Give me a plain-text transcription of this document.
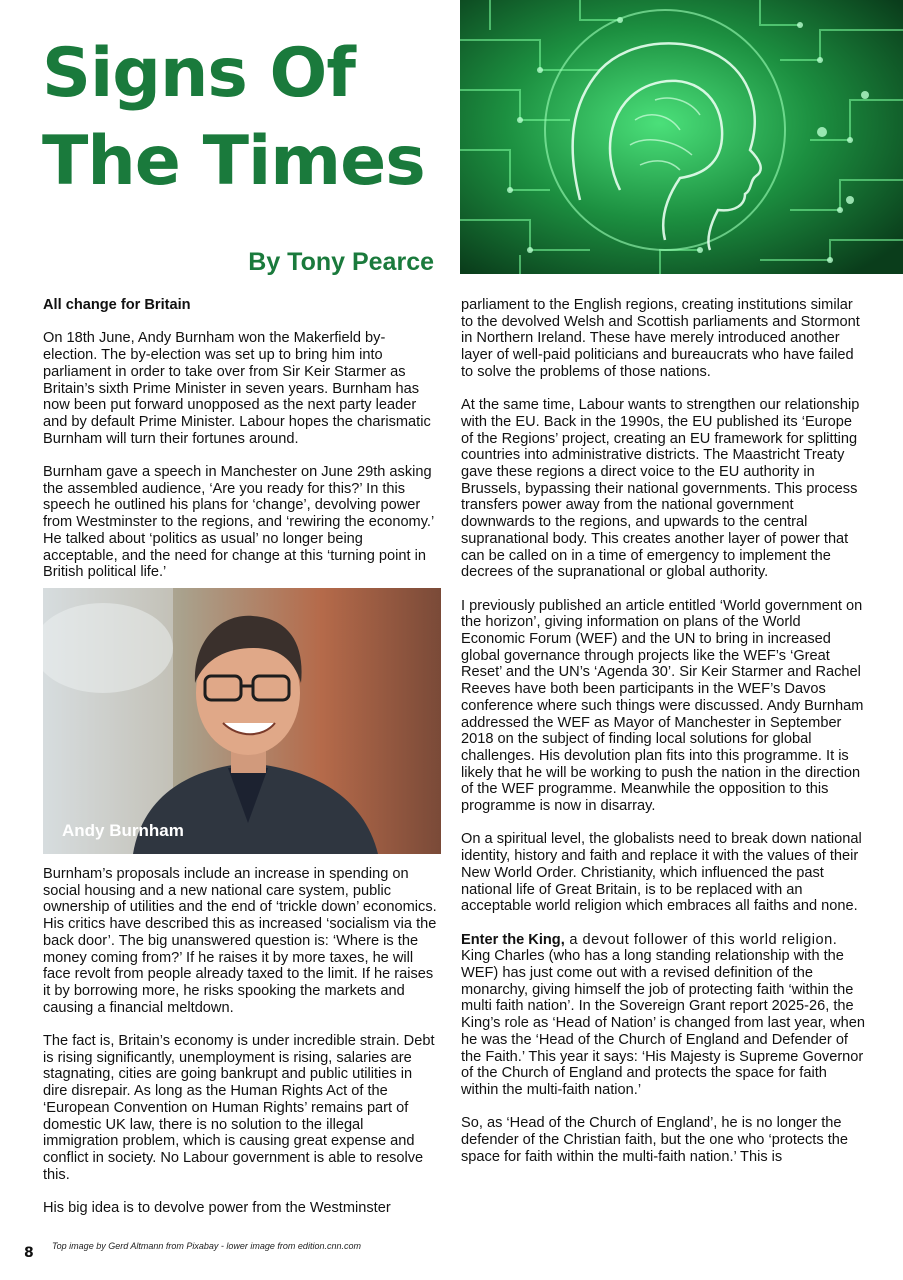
Signs Of
The Times
By Tony Pearce

All change for Britain

On 18th June, Andy Burnham won the Makerfield by-election. The by-election was set up to bring him into parliament in order to take over from Sir Keir Starmer as Britain’s sixth Prime Minister in seven years. Burnham has now been put forward unopposed as the next party leader and by default Prime Minister. Labour hopes the charismatic Burnham will turn their fortunes around.

Burnham gave a speech in Manchester on June 29th asking the assembled audience, ‘Are you ready for this?’ In this speech he outlined his plans for ‘change’, devolving power from Westminster to the regions, and ‘rewiring the economy.’ He talked about ‘politics as usual’ no longer being acceptable, and the need for change at this ‘turning point in British political life.’

Andy Burnham

Burnham’s proposals include an increase in spending on social housing and a new national care system, public ownership of utilities and the end of ‘trickle down’ economics. His critics have described this as increased ‘socialism via the back door’. The big unanswered question is: ‘Where is the money coming from?’ If he raises it by more taxes, he will face revolt from people already taxed to the limit. If he raises it by borrowing more, he risks spooking the markets and causing a financial meltdown.

The fact is, Britain’s economy is under incredible strain. Debt is rising significantly, unemployment is rising, salaries are stagnating, cities are going bankrupt and public utilities in dire disrepair. As long as the Human Rights Act of the ‘European Convention on Human Rights’ remains part of domestic UK law, there is no solution to the illegal immigration problem, which is causing great expense and conflict in society. No Labour government is able to resolve this.

His big idea is to devolve power from the Westminster

parliament to the English regions, creating institutions similar to the devolved Welsh and Scottish parliaments and Stormont in Northern Ireland. These have merely introduced another layer of well-paid politicians and bureaucrats who have failed to solve the problems of those nations.

At the same time, Labour wants to strengthen our relationship with the EU. Back in the 1990s, the EU published its ‘Europe of the Regions’ project, creating an EU framework for splitting countries into administrative districts. The Maastricht Treaty gave these regions a direct voice to the EU authority in Brussels, bypassing their national governments. This process transfers power away from the national government downwards to the regions, and upwards to the central supranational body. This creates another layer of power that can be called on in a time of emergency to implement the decrees of the supranational or global authority.

I previously published an article entitled ‘World government on the horizon’, giving information on plans of the World Economic Forum (WEF) and the UN to bring in increased global governance through projects like the WEF’s ‘Great Reset’ and the UN’s ‘Agenda 30’. Sir Keir Starmer and Rachel Reeves have both been participants in the WEF’s Davos conference where such things were discussed. Andy Burnham addressed the WEF as Mayor of Manchester in September 2018 on the subject of finding local solutions for global challenges. His devolution plan fits into this programme. It is likely that he will be working to push the nation in the direction of the WEF programme. Meanwhile the opposition to this programme is now in disarray.

On a spiritual level, the globalists need to break down national identity, history and faith and replace it with the values of their New World Order. Christianity, which influenced the past national life of Great Britain, is to be replaced with an acceptable world religion which embraces all faiths and none.

Enter the King, a devout follower of this world religion. King Charles (who has a long standing relationship with the WEF) has just come out with a revised definition of the monarchy, giving himself the job of protecting faith ‘within the multi faith nation’. In the Sovereign Grant report 2025-26, the King’s role as ‘Head of Nation’ is changed from last year, when he was the ‘Head of the Church of England and Defender of the Faith.’ This year it says: ‘His Majesty is Supreme Governor of the Church of England and protects the space for faith within the multi-faith nation.’

So, as ‘Head of the Church of England’, he is no longer the defender of the Christian faith, but the one who ‘protects the space for faith within the multi-faith nation.’ This is

8 Top image by Gerd Altmann from Pixabay - lower image from edition.cnn.com
